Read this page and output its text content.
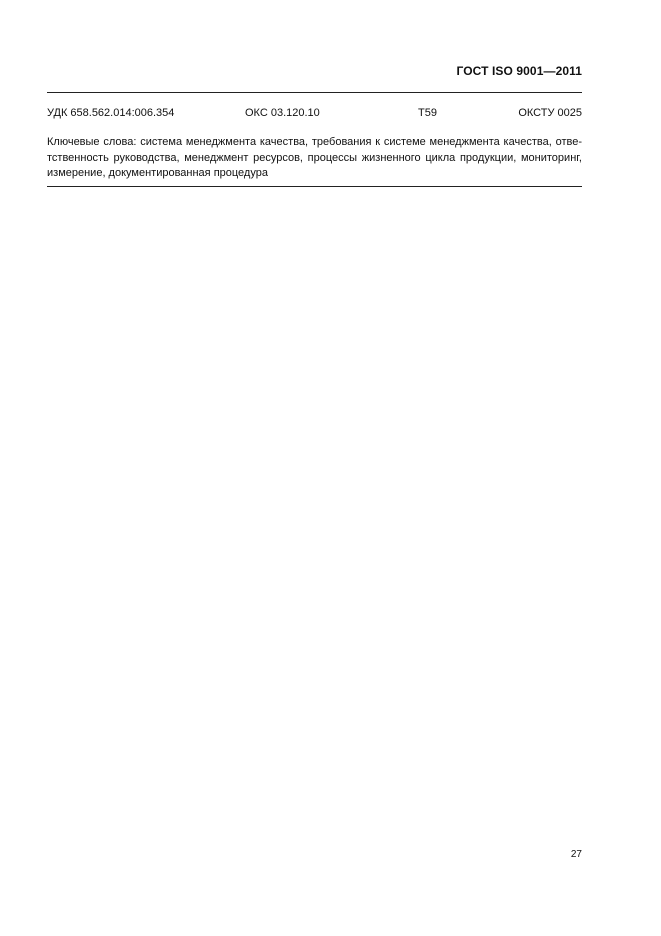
ГОСТ ISO 9001—2011
УДК 658.562.014:006.354	ОКС 03.120.10	Т59	ОКСТУ 0025
Ключевые слова: система менеджмента качества, требования к системе менеджмента качества, отве-
тственность руководства, менеджмент ресурсов, процессы жизненного цикла продукции, мониторинг,
измерение, документированная процедура
27
